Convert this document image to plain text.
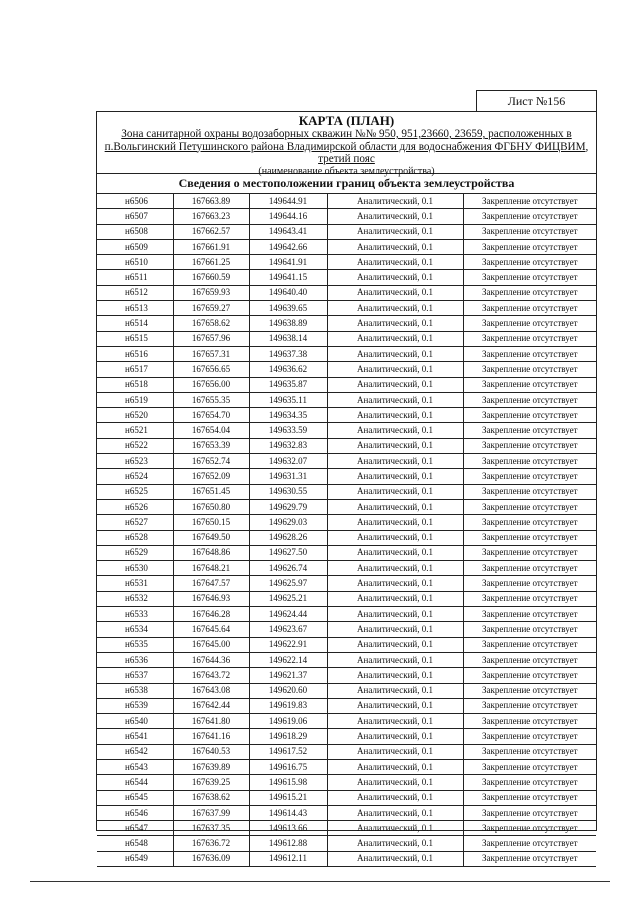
Лист №156
КАРТА (ПЛАН)
Зона санитарной охраны водозаборных скважин №№ 950, 951,23660, 23659, расположенных в
п.Вольгинский Петушинского района Владимирской области для водоснабжения ФГБНУ ФИЦВИМ,
третий пояс
(наименование объекта землеустройства)
Сведения о местоположении границ объекта землеустройства
н6506	167663.89	149644.91	Аналитический, 0.1	Закрепление отсутствует
н6507	167663.23	149644.16	Аналитический, 0.1	Закрепление отсутствует
н6508	167662.57	149643.41	Аналитический, 0.1	Закрепление отсутствует
н6509	167661.91	149642.66	Аналитический, 0.1	Закрепление отсутствует
н6510	167661.25	149641.91	Аналитический, 0.1	Закрепление отсутствует
н6511	167660.59	149641.15	Аналитический, 0.1	Закрепление отсутствует
н6512	167659.93	149640.40	Аналитический, 0.1	Закрепление отсутствует
н6513	167659.27	149639.65	Аналитический, 0.1	Закрепление отсутствует
н6514	167658.62	149638.89	Аналитический, 0.1	Закрепление отсутствует
н6515	167657.96	149638.14	Аналитический, 0.1	Закрепление отсутствует
н6516	167657.31	149637.38	Аналитический, 0.1	Закрепление отсутствует
н6517	167656.65	149636.62	Аналитический, 0.1	Закрепление отсутствует
н6518	167656.00	149635.87	Аналитический, 0.1	Закрепление отсутствует
н6519	167655.35	149635.11	Аналитический, 0.1	Закрепление отсутствует
н6520	167654.70	149634.35	Аналитический, 0.1	Закрепление отсутствует
н6521	167654.04	149633.59	Аналитический, 0.1	Закрепление отсутствует
н6522	167653.39	149632.83	Аналитический, 0.1	Закрепление отсутствует
н6523	167652.74	149632.07	Аналитический, 0.1	Закрепление отсутствует
н6524	167652.09	149631.31	Аналитический, 0.1	Закрепление отсутствует
н6525	167651.45	149630.55	Аналитический, 0.1	Закрепление отсутствует
н6526	167650.80	149629.79	Аналитический, 0.1	Закрепление отсутствует
н6527	167650.15	149629.03	Аналитический, 0.1	Закрепление отсутствует
н6528	167649.50	149628.26	Аналитический, 0.1	Закрепление отсутствует
н6529	167648.86	149627.50	Аналитический, 0.1	Закрепление отсутствует
н6530	167648.21	149626.74	Аналитический, 0.1	Закрепление отсутствует
н6531	167647.57	149625.97	Аналитический, 0.1	Закрепление отсутствует
н6532	167646.93	149625.21	Аналитический, 0.1	Закрепление отсутствует
н6533	167646.28	149624.44	Аналитический, 0.1	Закрепление отсутствует
н6534	167645.64	149623.67	Аналитический, 0.1	Закрепление отсутствует
н6535	167645.00	149622.91	Аналитический, 0.1	Закрепление отсутствует
н6536	167644.36	149622.14	Аналитический, 0.1	Закрепление отсутствует
н6537	167643.72	149621.37	Аналитический, 0.1	Закрепление отсутствует
н6538	167643.08	149620.60	Аналитический, 0.1	Закрепление отсутствует
н6539	167642.44	149619.83	Аналитический, 0.1	Закрепление отсутствует
н6540	167641.80	149619.06	Аналитический, 0.1	Закрепление отсутствует
н6541	167641.16	149618.29	Аналитический, 0.1	Закрепление отсутствует
н6542	167640.53	149617.52	Аналитический, 0.1	Закрепление отсутствует
н6543	167639.89	149616.75	Аналитический, 0.1	Закрепление отсутствует
н6544	167639.25	149615.98	Аналитический, 0.1	Закрепление отсутствует
н6545	167638.62	149615.21	Аналитический, 0.1	Закрепление отсутствует
н6546	167637.99	149614.43	Аналитический, 0.1	Закрепление отсутствует
н6547	167637.35	149613.66	Аналитический, 0.1	Закрепление отсутствует
н6548	167636.72	149612.88	Аналитический, 0.1	Закрепление отсутствует
н6549	167636.09	149612.11	Аналитический, 0.1	Закрепление отсутствует
